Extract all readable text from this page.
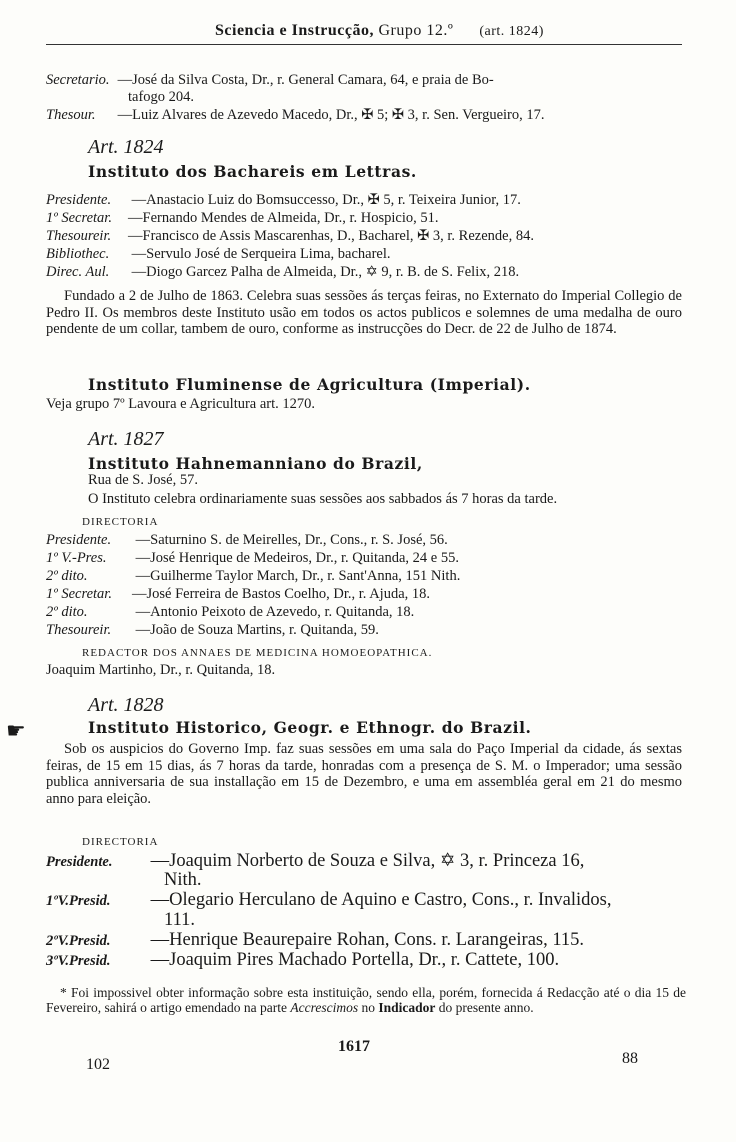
Sciencia e Instrucção, Grupo 12.º (art. 1824)
Secretario. —José da Silva Costa, Dr., r. General Camara, 64, e praia de Bo-
tafogo 204.
Thesour. —Luiz Alvares de Azevedo Macedo, Dr., ✠ 5; ✠ 3, r. Sen. Vergueiro, 17.
Art. 1824
Instituto dos Bachareis em Lettras.
Presidente. —Anastacio Luiz do Bomsuccesso, Dr., ✠ 5, r. Teixeira Junior, 17.
1º Secretar. —Fernando Mendes de Almeida, Dr., r. Hospicio, 51.
Thesoureir. —Francisco de Assis Mascarenhas, D., Bacharel, ✠ 3, r. Rezende, 84.
Bibliothec. —Servulo José de Serqueira Lima, bacharel.
Direc. Aul. —Diogo Garcez Palha de Almeida, Dr., ✡ 9, r. B. de S. Felix, 218.
Fundado a 2 de Julho de 1863. Celebra suas sessões ás terças feiras, no Externato do Imperial Collegio de Pedro II. Os membros deste Instituto usão em todos os actos publicos e solemnes de uma medalha de ouro pendente de um collar, tambem de ouro, conforme as instrucções do Decr. de 22 de Julho de 1874.
Instituto Fluminense de Agricultura (Imperial).
Veja grupo 7º Lavoura e Agricultura art. 1270.
Art. 1827
Instituto Hahnemanniano do Brazil,
Rua de S. José, 57.
O Instituto celebra ordinariamente suas sessões aos sabbados ás 7 horas da tarde.
DIRECTORIA
Presidente. —Saturnino S. de Meirelles, Dr., Cons., r. S. José, 56.
1º V.-Pres. —José Henrique de Medeiros, Dr., r. Quitanda, 24 e 55.
2º dito.	—Guilherme Taylor March, Dr., r. Sant'Anna, 151 Nith.
1º Secretar. —José Ferreira de Bastos Coelho, Dr., r. Ajuda, 18.
2º dito.	—Antonio Peixoto de Azevedo, r. Quitanda, 18.
Thesoureir. —João de Souza Martins, r. Quitanda, 59.
REDACTOR DOS ANNAES DE MEDICINA HOMOEOPATHICA.
Joaquim Martinho, Dr., r. Quitanda, 18.
Art. 1828
☛	Instituto Historico, Geogr. e Ethnogr. do Brazil.
Sob os auspicios do Governo Imp. faz suas sessões em uma sala do Paço Imperial da cidade, ás sextas feiras, de 15 em 15 dias, ás 7 horas da tarde, honradas com a presença de S. M. o Imperador; uma sessão publica anniversaria de sua installação em 15 de Dezembro, e uma em assembléa geral em 21 do mesmo anno para eleição.
DIRECTORIA
Presidente. —Joaquim Norberto de Souza e Silva, ✡ 3, r. Princeza 16,
Nith.
1ºV.Presid. —Olegario Herculano de Aquino e Castro, Cons., r. Invalidos,
111.
2ºV.Presid. —Henrique Beaurepaire Rohan, Cons. r. Larangeiras, 115.
3ºV.Presid. —Joaquim Pires Machado Portella, Dr., r. Cattete, 100.
* Foi impossivel obter informação sobre esta instituição, sendo ella, porém, fornecida á Redacção até o dia 15 de Fevereiro, sahirá o artigo emendado na parte Accrescimos no Indicador do presente anno.
102
1617
88
